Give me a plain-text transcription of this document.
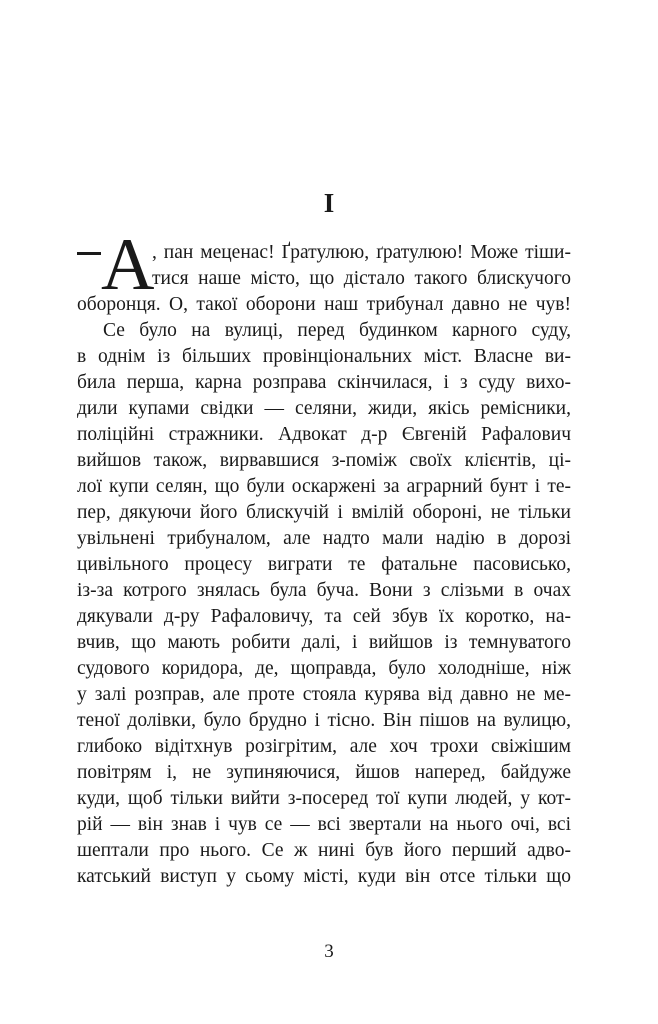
I
А
, пан меценас! Ґратулюю, ґратулюю! Може тіши-
тися наше місто, що дістало такого блискучого
оборонця. О, такої оборони наш трибунал давно не чув!
Се було на вулиці, перед будинком карного суду,
в однім із більших провінціональних міст. Власне ви-
била перша, карна розправа скінчилася, і з суду вихо-
дили купами свідки — селяни, жиди, якісь ремісники,
поліційні стражники. Адвокат д-р Євгеній Рафалович
вийшов також, вирвавшися з-поміж своїх клієнтів, ці-
лої купи селян, що були оскаржені за аграрний бунт і те-
пер, дякуючи його блискучій і вмілій обороні, не тільки
увільнені трибуналом, але надто мали надію в дорозі
цивільного процесу виграти те фатальне пасовисько,
із-за котрого знялась була буча. Вони з слізьми в очах
дякували д-ру Рафаловичу, та сей збув їх коротко, на-
вчив, що мають робити далі, і вийшов із темнуватого
судового коридора, де, щоправда, було холодніше, ніж
у залі розправ, але проте стояла курява від давно не ме-
теної долівки, було брудно і тісно. Він пішов на вулицю,
глибоко відітхнув розігрітим, але хоч трохи свіжішим
повітрям і, не зупиняючися, йшов наперед, байдуже
куди, щоб тільки вийти з-посеред тої купи людей, у кот-
рій — він знав і чув се — всі звертали на нього очі, всі
шептали про нього. Се ж нині був його перший адво-
катський виступ у сьому місті, куди він отсе тільки що
3
